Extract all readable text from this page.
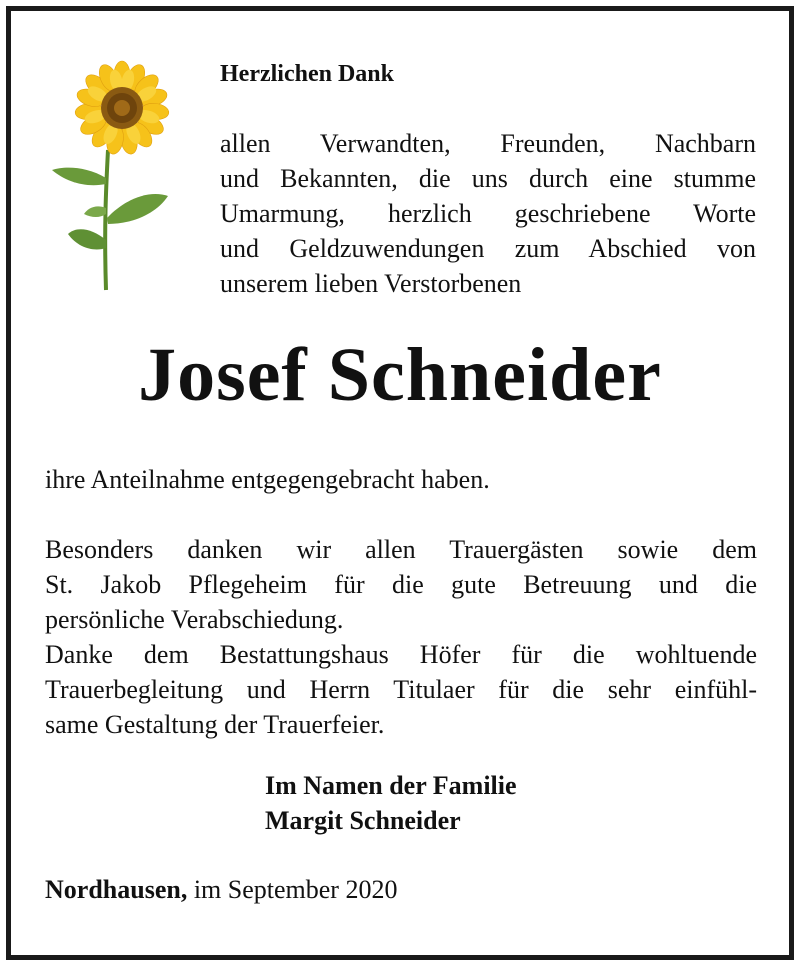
Herzlichen Dank

allen Verwandten, Freunden, Nachbarn
und Bekannten, die uns durch eine stumme
Umarmung, herzlich geschriebene Worte
und Geldzuwendungen zum Abschied von
unserem lieben Verstorbenen

Josef Schneider

ihre Anteilnahme entgegengebracht haben.

Besonders danken wir allen Trauergästen sowie dem
St. Jakob Pflegeheim für die gute Betreuung und die
persönliche Verabschiedung.
Danke dem Bestattungshaus Höfer für die wohltuende
Trauerbegleitung und Herrn Titulaer für die sehr einfühl-
same Gestaltung der Trauerfeier.

Im Namen der Familie
Margit Schneider

Nordhausen, im September 2020
